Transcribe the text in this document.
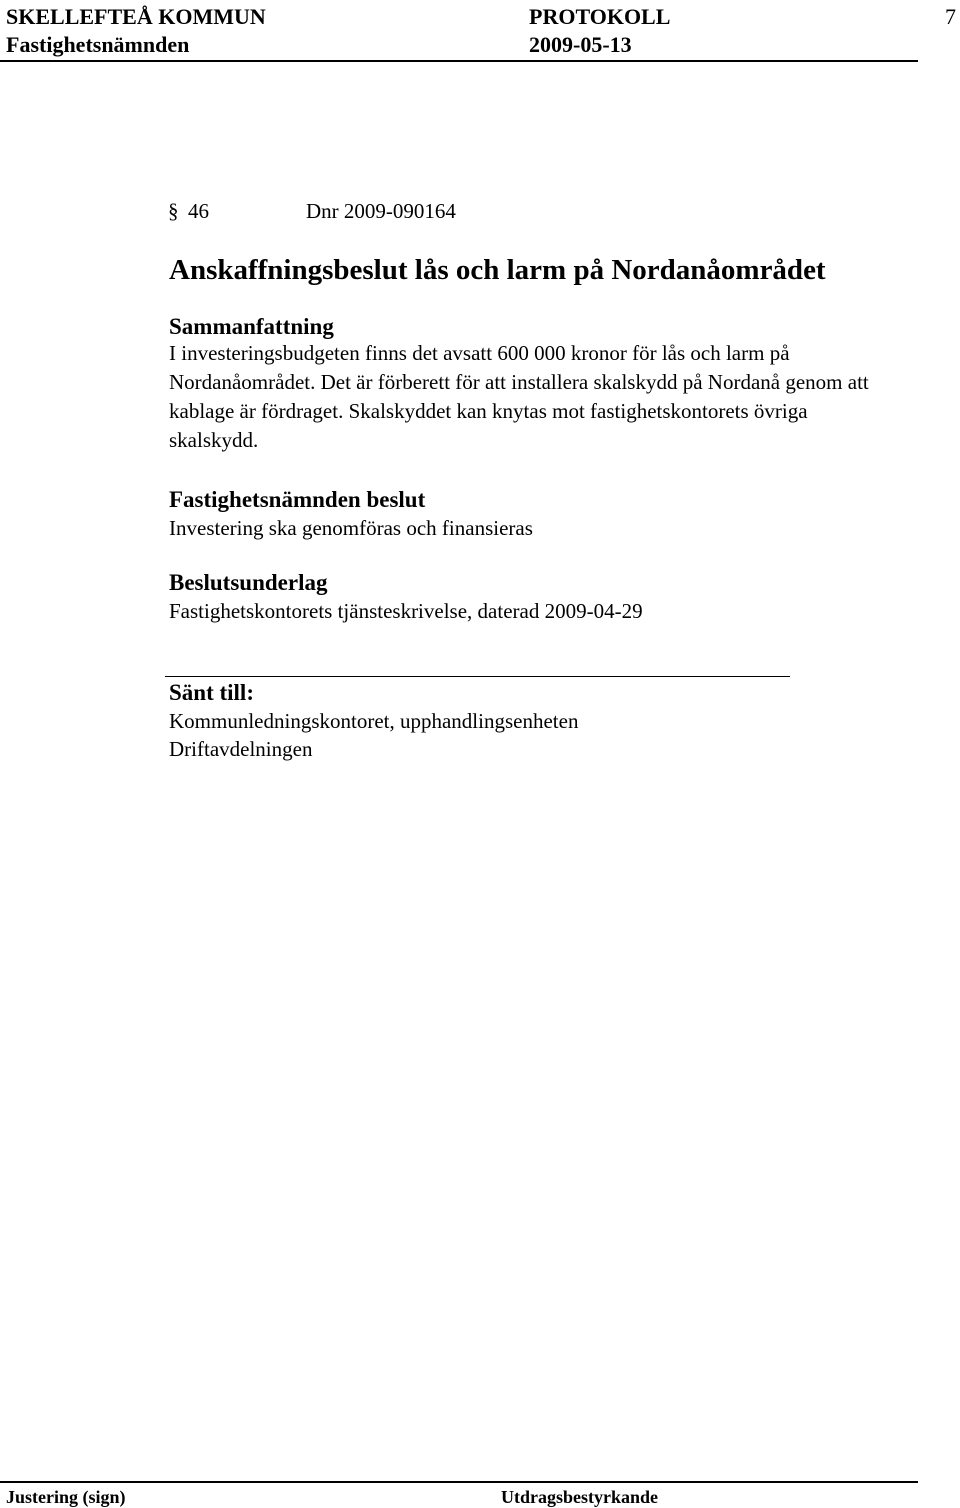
SKELLEFTEÅ KOMMUN	PROTOKOLL	7
Fastighetsnämnden	2009-05-13
§ 46	Dnr 2009-090164
Anskaffningsbeslut lås och larm på Nordanåområdet
Sammanfattning
I investeringsbudgeten finns det avsatt 600 000 kronor för lås och larm på Nordanåområdet. Det är förberett för att installera skalskydd på Nordanå genom att kablage är fördraget. Skalskyddet kan knytas mot fastighetskontorets övriga skalskydd.
Fastighetsnämnden beslut
Investering ska genomföras och finansieras
Beslutsunderlag
Fastighetskontorets tjänsteskrivelse, daterad 2009-04-29
Sänt till:
Kommunledningskontoret, upphandlingsenheten
Driftavdelningen
Justering (sign)	Utdragsbestyrkande
